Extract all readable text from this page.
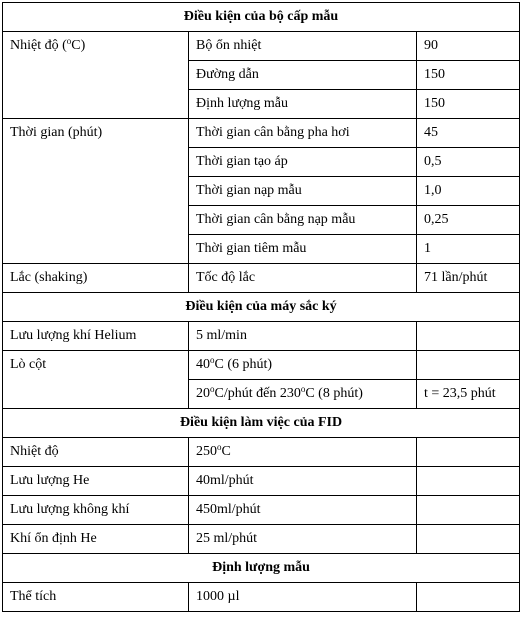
Điều kiện của bộ cấp mẫu		
Nhiệt độ ($^o$C)	Bộ ổn nhiệt	90
	Đường dẫn	150
	Định lượng mẫu	150
Thời gian (phút)	Thời gian cân bằng pha hơi	45
	Thời gian tạo áp	0,5
	Thời gian nạp mẫu	1,0
	Thời gian cân bằng nạp mẫu	0,25
	Thời gian tiêm mẫu	1
Lắc (shaking)	Tốc độ lắc	71 lần/phút
Điều kiện của máy sắc ký		
Lưu lượng khí Helium	5 ml/min	
Lò cột	40$^o$C (6 phút)	
	20$^o$C/phút đến 230$^o$C (8 phút)	t = 23,5 phút
Điều kiện làm việc của FID		
Nhiệt độ	250$^o$C	
Lưu lượng He	40ml/phút	
Lưu lượng không khí	450ml/phút	
Khí ổn định He	25 ml/phút	
Định lượng mẫu		
Thể tích	1000 µl	
